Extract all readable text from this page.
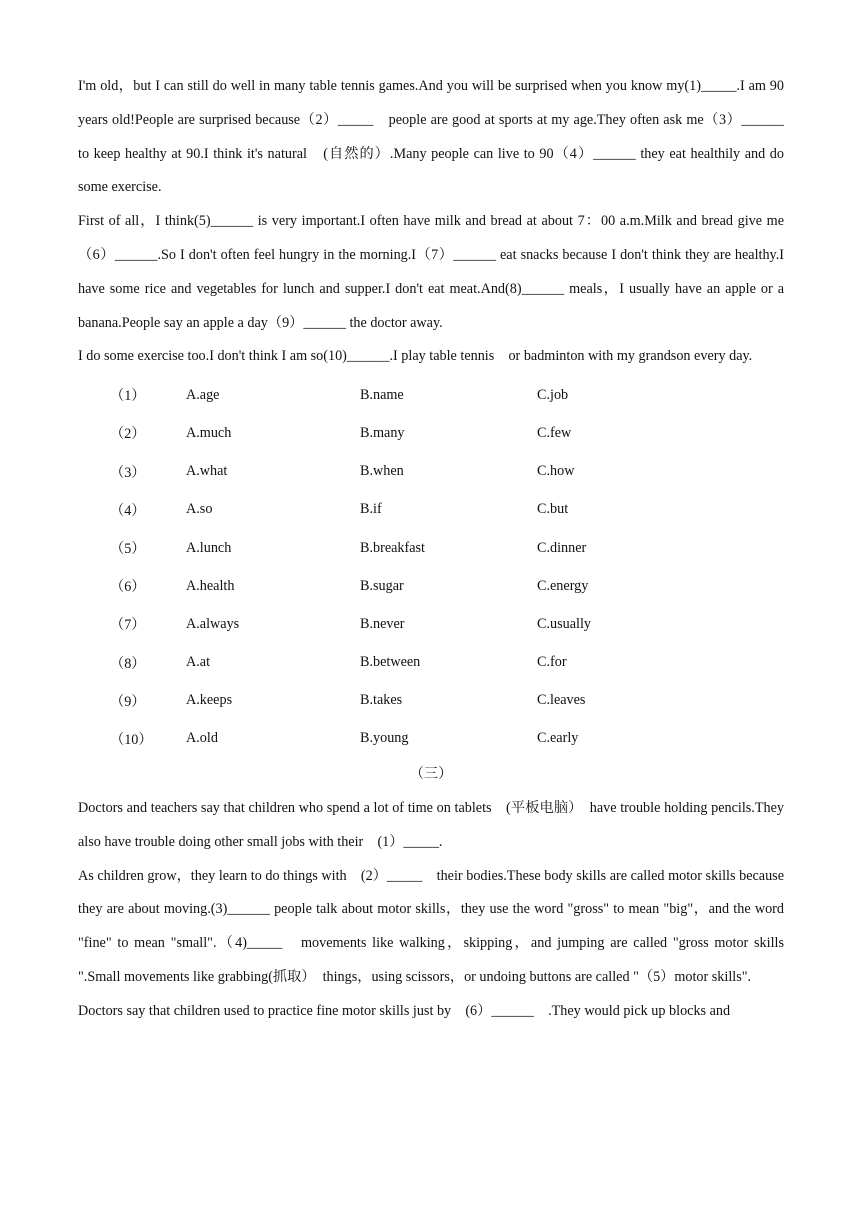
I'm old，but I can still do well in many table tennis games.And you will be surprised when you know my(1)_____.I am 90 years old!People are surprised because（2）_____　people are good at sports at my age.They often ask me（3）______ to keep healthy at 90.I think it's natural　(自然的）.Many people can live to 90（4）______ they eat healthily and do some exercise.

First of all，I think(5)______ is very important.I often have milk and bread at about 7：00 a.m.Milk and bread give me（6）______.So I don't often feel hungry in the morning.I（7）______ eat snacks because I don't think they are healthy.I have some rice and vegetables for lunch and supper.I don't eat meat.And(8)______ meals，I usually have an apple or a banana.People say an apple a day（9）______ the doctor away.

I do some exercise too.I don't think I am so(10)______.I play table tennis　or badminton with my grandson every day.

（1）	A.age	B.name	C.job
（2）	A.much	B.many	C.few
（3）	A.what	B.when	C.how
（4）	A.so	B.if	C.but
（5）	A.lunch	B.breakfast	C.dinner
（6）	A.health	B.sugar	C.energy
（7）	A.always	B.never	C.usually
（8）	A.at	B.between	C.for
（9）	A.keeps	B.takes	C.leaves
（10）	A.old	B.young	C.early
（三）

Doctors and teachers say that children who spend a lot of time on tablets　(平板电脑）　have trouble holding pencils.They also have trouble doing other small jobs with their　(1）_____.

As children grow，they learn to do things with　(2）_____　their bodies.These body skills are called motor skills because they are about moving.(3)______ people talk about motor skills，they use the word "gross" to mean "big"，and the word "fine" to mean "small".（4)_____　movements like walking，skipping，and jumping are called "gross motor skills ".Small movements like grabbing(抓取）　things，using scissors，or undoing buttons are called "（5）motor skills".

Doctors say that children used to practice fine motor skills just by　(6）______　.They would pick up blocks and
